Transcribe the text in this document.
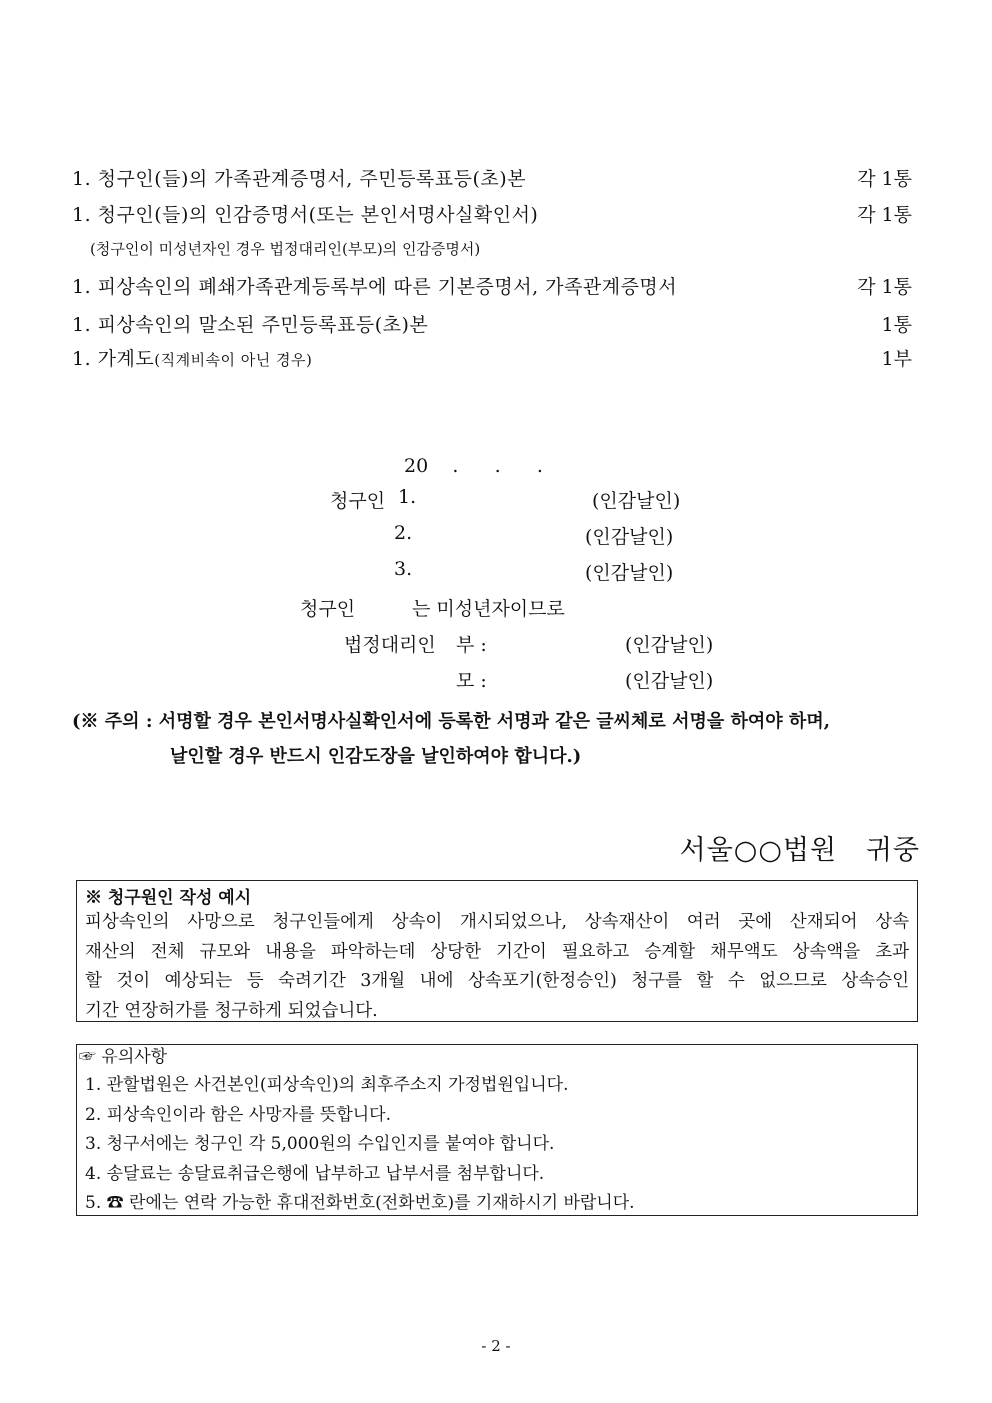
1. 청구인(들)의 가족관계증명서, 주민등록표등(초)본	각 1통
1. 청구인(들)의 인감증명서(또는 본인서명사실확인서)	각 1통
(청구인이 미성년자인 경우 법정대리인(부모)의 인감증명서)
1. 피상속인의 폐쇄가족관계등록부에 따른 기본증명서, 가족관계증명서	각 1통
1. 피상속인의 말소된 주민등록표등(초)본	1통
1. 가계도(직계비속이 아닌 경우)	1부
20    .      .      .
청구인 1.	(인감날인)
2.	(인감날인)
3.	(인감날인)
청구인	는 미성년자이므로
법정대리인 부 :	(인감날인)
모 :	(인감날인)
(※ 주의 : 서명할 경우 본인서명사실확인서에 등록한 서명과 같은 글씨체로 서명을 하여야 하며,
날인할 경우 반드시 인감도장을 날인하여야 합니다.)
서울○○법원   귀중
※ 청구원인 작성 예시
피상속인의 사망으로 청구인들에게 상속이 개시되었으나, 상속재산이 여러 곳에 산재되어 상속
재산의 전체 규모와 내용을 파악하는데 상당한 기간이 필요하고 승계할 채무액도 상속액을 초과
할 것이 예상되는 등 숙려기간 3개월 내에 상속포기(한정승인) 청구를 할 수 없으므로 상속승인
기간 연장허가를 청구하게 되었습니다.
☞ 유의사항
1. 관할법원은 사건본인(피상속인)의 최후주소지 가정법원입니다.
2. 피상속인이라 함은 사망자를 뜻합니다.
3. 청구서에는 청구인 각 5,000원의 수입인지를 붙여야 합니다.
4. 송달료는 송달료취급은행에 납부하고 납부서를 첨부합니다.
5. ☎ 란에는 연락 가능한 휴대전화번호(전화번호)를 기재하시기 바랍니다.
- 2 -
